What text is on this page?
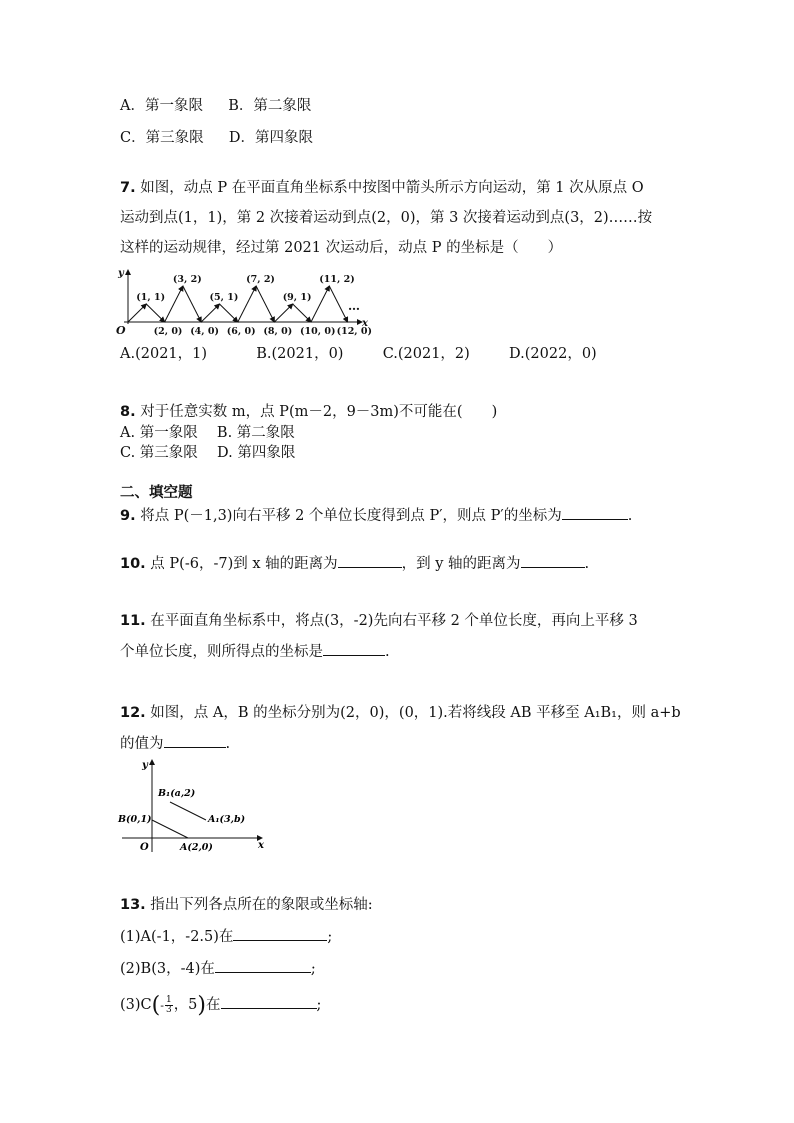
A．第一象限 B．第二象限
C．第三象限 D．第四象限
7. 如图，动点 P 在平面直角坐标系中按图中箭头所示方向运动，第 1 次从原点 O
运动到点(1，1)，第 2 次接着运动到点(2，0)，第 3 次接着运动到点(3，2)……按
这样的运动规律，经过第 2021 次运动后，动点 P 的坐标是（　　）
(1, 1)
(3, 2)
(5, 1)
(7, 2)
(9, 1)
(11, 2)
(2, 0) (4, 0) (6, 0) (8, 0) (10, 0) (12, 0)
O
y
x
…
A.(2021，1)	B.(2021，0)	C.(2021，2)	D.(2022，0)
8. 对于任意实数 m，点 P(m－2，9－3m)不可能在(　　)
A. 第一象限 B. 第二象限
C. 第三象限 D. 第四象限
二、填空题
9. 将点 P(－1,3)向右平移 2 个单位长度得到点 P′，则点 P′的坐标为	.
10. 点 P(-6，-7)到 x 轴的距离为	，到 y 轴的距离为	.
11. 在平面直角坐标系中，将点(3，-2)先向右平移 2 个单位长度，再向上平移 3
个单位长度，则所得点的坐标是	.
12. 如图，点 A，B 的坐标分别为(2，0)，(0，1).若将线段 AB 平移至 A₁B₁，则 a+b
的值为	.
y
x
O
B₁(a,2)
A₁(3,b)
B(0,1)
A(2,0)
13. 指出下列各点所在的象限或坐标轴:
(1)A(-1，-2.5)在	;
(2)B(3，-4)在	;
$(3)C(- \frac{1}{3}$ ，5)在	;
